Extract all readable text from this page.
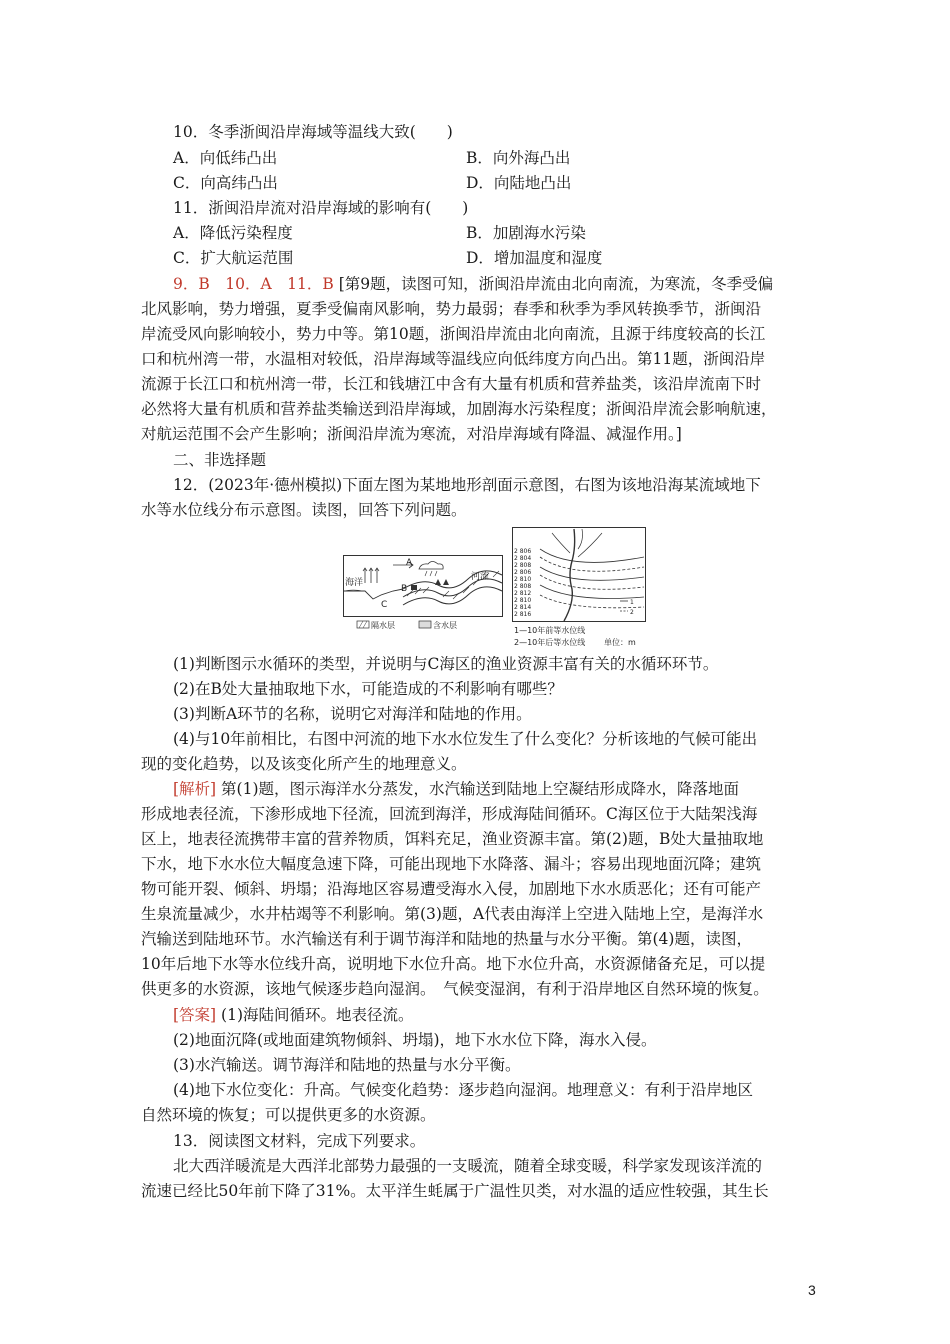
10．冬季浙闽沿岸海域等温线大致(　　)
A．向低纬凸出	B．向外海凸出
C．向高纬凸出	D．向陆地凸出
11．浙闽沿岸流对沿岸海域的影响有(　　)
A．降低污染程度	B．加剧海水污染
C．扩大航运范围	D．增加温度和湿度
9．B　10．A　11．B [第9题，读图可知，浙闽沿岸流由北向南流，为寒流，冬季受偏
北风影响，势力增强，夏季受偏南风影响，势力最弱；春季和秋季为季风转换季节，浙闽沿
岸流受风向影响较小，势力中等。第10题，浙闽沿岸流由北向南流，且源于纬度较高的长江
口和杭州湾一带，水温相对较低，沿岸海域等温线应向低纬度方向凸出。第11题，浙闽沿岸
流源于长江口和杭州湾一带，长江和钱塘江中含有大量有机质和营养盐类，该沿岸流南下时
必然将大量有机质和营养盐类输送到沿岸海域，加剧海水污染程度；浙闽沿岸流会影响航速，
对航运范围不会产生影响；浙闽沿岸流为寒流，对沿岸海域有降温、减湿作用。]
二、非选择题
12．(2023年·德州模拟)下面左图为某地地形剖面示意图，右图为该地沿海某流域地下
水等水位线分布示意图。读图，回答下列问题。
A
B
C
海洋
河流
隔水层	含水层
2 806
2 804
2 808
2 806
2 810
2 808
2 812
2 810
2 814
2 816
1
2
1—10年前等水位线
2—10年后等水位线 单位：m
(1)判断图示水循环的类型，并说明与C海区的渔业资源丰富有关的水循环环节。
(2)在B处大量抽取地下水，可能造成的不利影响有哪些？
(3)判断A环节的名称，说明它对海洋和陆地的作用。
(4)与10年前相比，右图中河流的地下水水位发生了什么变化？分析该地的气候可能出
现的变化趋势，以及该变化所产生的地理意义。
[解析] 第(1)题，图示海洋水分蒸发，水汽输送到陆地上空凝结形成降水，降落地面
形成地表径流，下渗形成地下径流，回流到海洋，形成海陆间循环。C海区位于大陆架浅海
区上，地表径流携带丰富的营养物质，饵料充足，渔业资源丰富。第(2)题，B处大量抽取地
下水，地下水水位大幅度急速下降，可能出现地下水降落、漏斗；容易出现地面沉降；建筑
物可能开裂、倾斜、坍塌；沿海地区容易遭受海水入侵，加剧地下水水质恶化；还有可能产
生泉流量减少，水井枯竭等不利影响。第(3)题，A代表由海洋上空进入陆地上空，是海洋水
汽输送到陆地环节。水汽输送有利于调节海洋和陆地的热量与水分平衡。第(4)题，读图，
10年后地下水等水位线升高，说明地下水位升高。地下水位升高，水资源储备充足，可以提
供更多的水资源，该地气候逐步趋向湿润。　气候变湿润，有利于沿岸地区自然环境的恢复。
[答案] (1)海陆间循环。地表径流。
(2)地面沉降(或地面建筑物倾斜、坍塌)，地下水水位下降，海水入侵。
(3)水汽输送。调节海洋和陆地的热量与水分平衡。
(4)地下水位变化：升高。气候变化趋势：逐步趋向湿润。地理意义：有利于沿岸地区
自然环境的恢复；可以提供更多的水资源。
13．阅读图文材料，完成下列要求。
北大西洋暖流是大西洋北部势力最强的一支暖流，随着全球变暖，科学家发现该洋流的
流速已经比50年前下降了31%。太平洋生蚝属于广温性贝类，对水温的适应性较强，其生长
3
